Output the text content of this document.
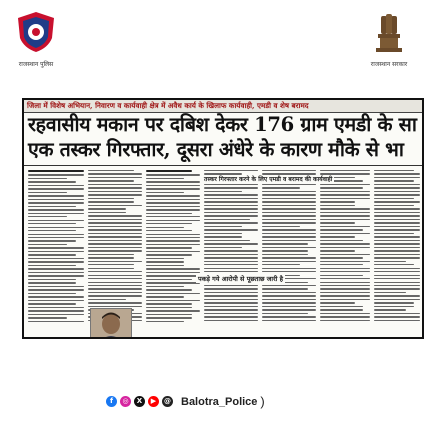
राजस्थान पुलिस	राजस्थान सरकार
जिला में विशेष अभियान, निवारण व कार्यवाही क्षेत्र में अवैध कार्य के खिलाफ कार्यवाही, एमडी व शेष बरामद
रहवासीय मकान पर दबिश देकर 176 ग्राम एमडी के सा
एक तस्कर गिरफ्तार, दूसरा अंधेरे के कारण मौके से भा
तस्कर गिरफ्तार करने के लिए एमडी व बरामद की कार्यवाही
पकड़े गये आरोपी से पूछताछ जारी है
f	◎	X	▶	@ Balotra_Police )
